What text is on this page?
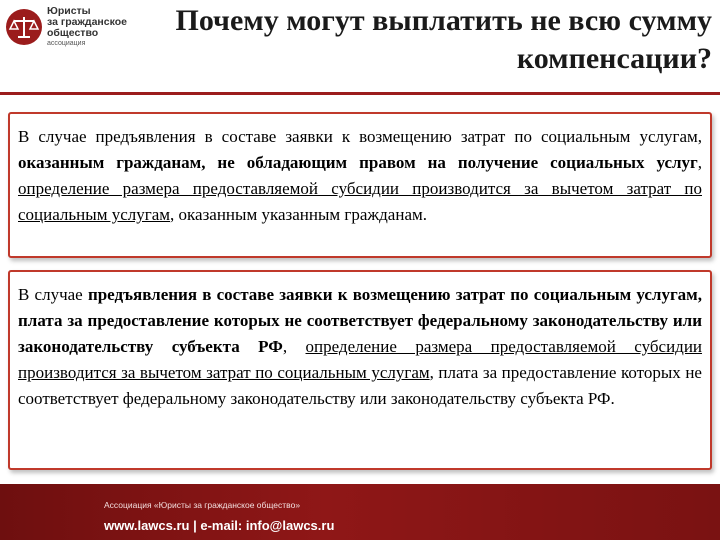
Юристы
за гражданское
общество
ассоциация
Почему могут выплатить не всю сумму компенсации?

В случае предъявления в составе заявки к возмещению затрат по социальным услугам, оказанным гражданам, не обладающим правом на получение социальных услуг, определение размера предоставляемой субсидии производится за вычетом затрат по социальным услугам, оказанным указанным гражданам.

В случае предъявления в составе заявки к возмещению затрат по социальным услугам, плата за предоставление которых не соответствует федеральному законодательству или законодательству субъекта РФ, определение размера предоставляемой субсидии производится за вычетом затрат по социальным услугам, плата за предоставление которых не соответствует федеральному законодательству или законодательству субъекта РФ.

Ассоциация «Юристы за гражданское общество»
www.lawcs.ru | e-mail: info@lawcs.ru
